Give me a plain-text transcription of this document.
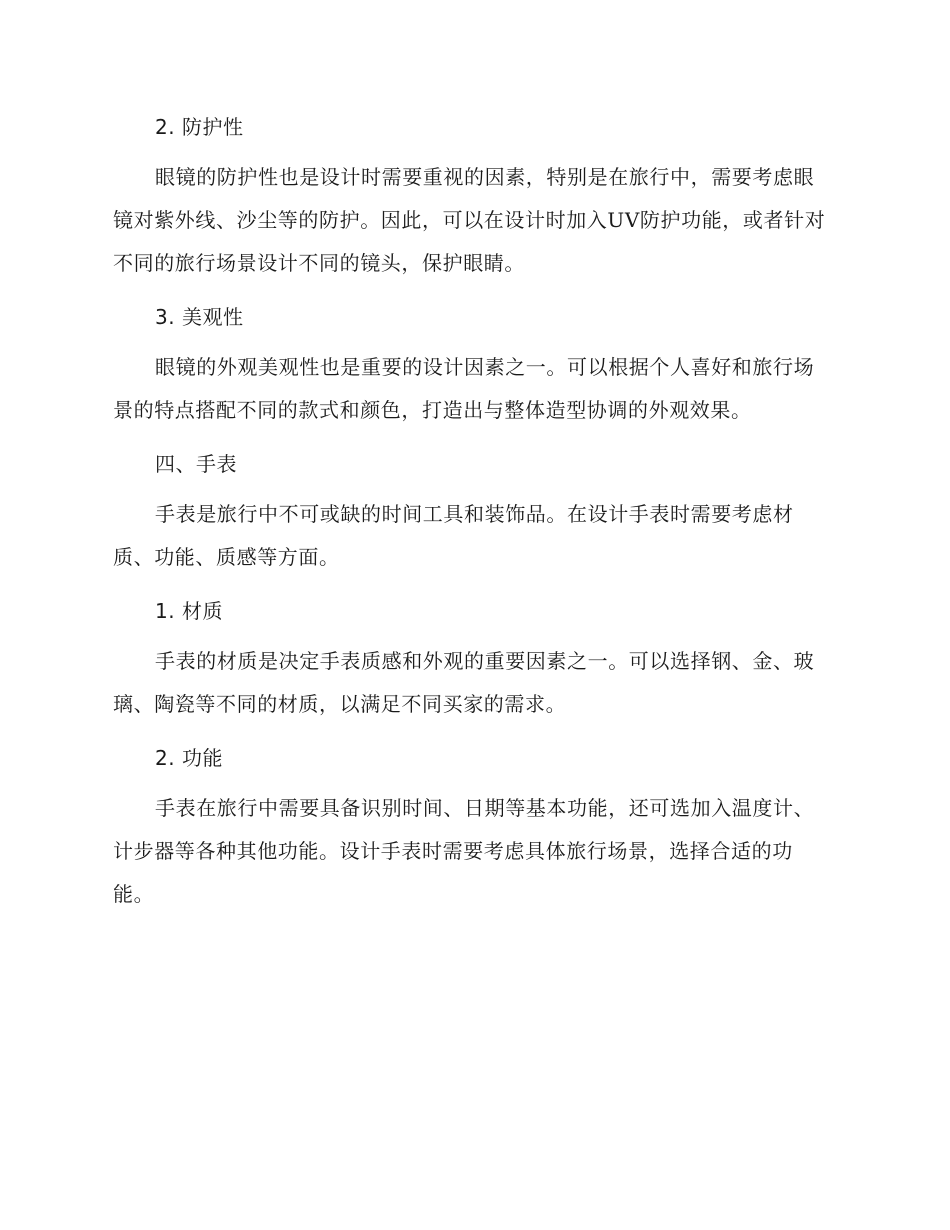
2. 防护性

眼镜的防护性也是设计时需要重视的因素，特别是在旅行中，需要考虑眼镜对紫外线、沙尘等的防护。因此，可以在设计时加入UV防护功能，或者针对不同的旅行场景设计不同的镜头，保护眼睛。

3. 美观性

眼镜的外观美观性也是重要的设计因素之一。可以根据个人喜好和旅行场景的特点搭配不同的款式和颜色，打造出与整体造型协调的外观效果。

四、手表

手表是旅行中不可或缺的时间工具和装饰品。在设计手表时需要考虑材质、功能、质感等方面。

1. 材质

手表的材质是决定手表质感和外观的重要因素之一。可以选择钢、金、玻璃、陶瓷等不同的材质，以满足不同买家的需求。

2. 功能

手表在旅行中需要具备识别时间、日期等基本功能，还可选加入温度计、计步器等各种其他功能。设计手表时需要考虑具体旅行场景，选择合适的功能。
